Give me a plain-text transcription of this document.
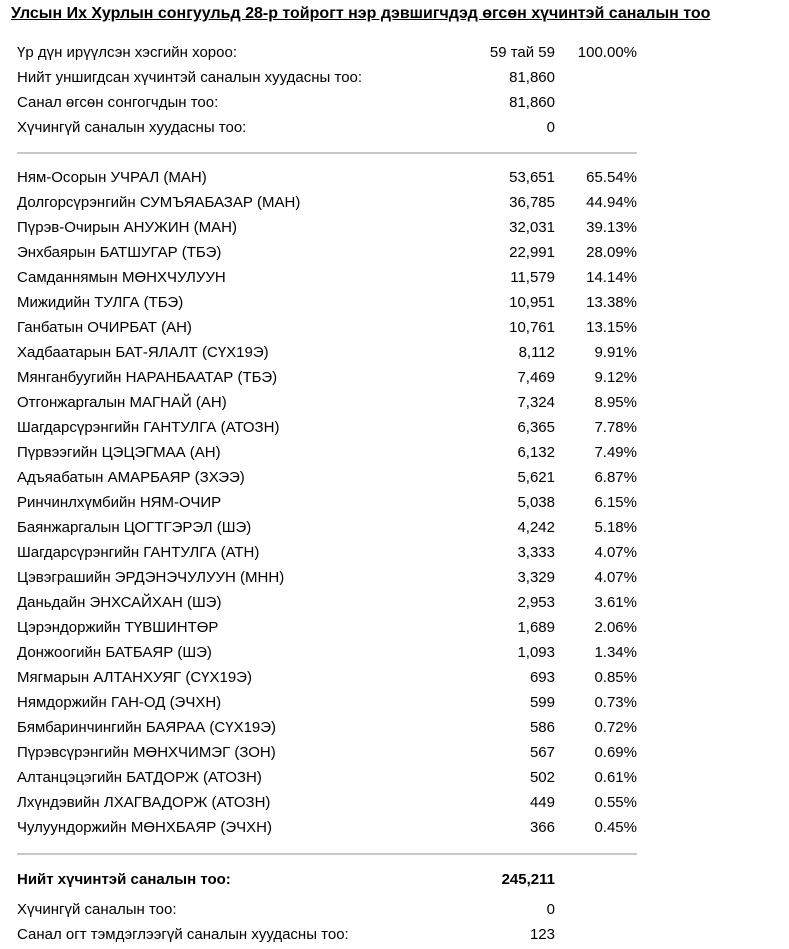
Улсын Их Хурлын сонгуульд 28-р тойрогт нэр дэвшигчдэд өгсөн хүчинтэй саналын тоо
Үр дүн ирүүлсэн хэсгийн хороо:	59 тай 59 100.00%
Нийт уншигдсан хүчинтэй саналын хуудасны тоо:	81,860
Санал өгсөн сонгогчдын тоо:	81,860
Хүчингүй саналын хуудасны тоо:	0
Ням-Осорын УЧРАЛ (МАН)	53,651 65.54%
Долгорсүрэнгийн СУМЪЯАБАЗАР (МАН)	36,785 44.94%
Пүрэв-Очирын АНУЖИН (МАН)	32,031 39.13%
Энхбаярын БАТШУГАР (ТБЭ)	22,991 28.09%
Самданнямын МӨНХЧУЛУУН	11,579 14.14%
Мижидийн ТУЛГА (ТБЭ)	10,951 13.38%
Ганбатын ОЧИРБАТ (АН)	10,761 13.15%
Хадбаатарын БАТ-ЯЛАЛТ (СҮХ19Э)	8,112	9.91%
Мянганбуугийн НАРАНБААТАР (ТБЭ)	7,469	9.12%
Отгонжаргалын МАГНАЙ (АН)	7,324	8.95%
Шагдарсүрэнгийн ГАНТУЛГА (АТОЗН)	6,365	7.78%
Пүрвээгийн ЦЭЦЭГМАА (АН)	6,132	7.49%
Адъяабатын АМАРБАЯР (ЗХЭЭ)	5,621	6.87%
Ринчинлхүмбийн НЯМ-ОЧИР	5,038	6.15%
Баянжаргалын ЦОГТГЭРЭЛ (ШЭ)	4,242	5.18%
Шагдарсүрэнгийн ГАНТУЛГА (АТН)	3,333	4.07%
Цэвэграшийн ЭРДЭНЭЧУЛУУН (МНН)	3,329	4.07%
Даньдайн ЭНХСАЙХАН (ШЭ)	2,953	3.61%
Цэрэндоржийн ТҮВШИНТӨР	1,689	2.06%
Донжоогийн БАТБАЯР (ШЭ)	1,093	1.34%
Мягмарын АЛТАНХУЯГ (СҮХ19Э)	693	0.85%
Нямдоржийн ГАН-ОД (ЭЧХН)	599	0.73%
Бямбаринчингийн БАЯРАА (СҮХ19Э)	586	0.72%
Пүрэвсүрэнгийн МӨНХЧИМЭГ (ЗОН)	567	0.69%
Алтанцэцэгийн БАТДОРЖ (АТОЗН)	502	0.61%
Лхүндэвийн ЛХАГВАДОРЖ (АТОЗН)	449	0.55%
Чулуундоржийн МӨНХБАЯР (ЭЧХН)	366	0.45%
Нийт хүчинтэй саналын тоо:	245,211
Хүчингүй саналын тоо:	0
Санал огт тэмдэглээгүй саналын хуудасны тоо:	123
